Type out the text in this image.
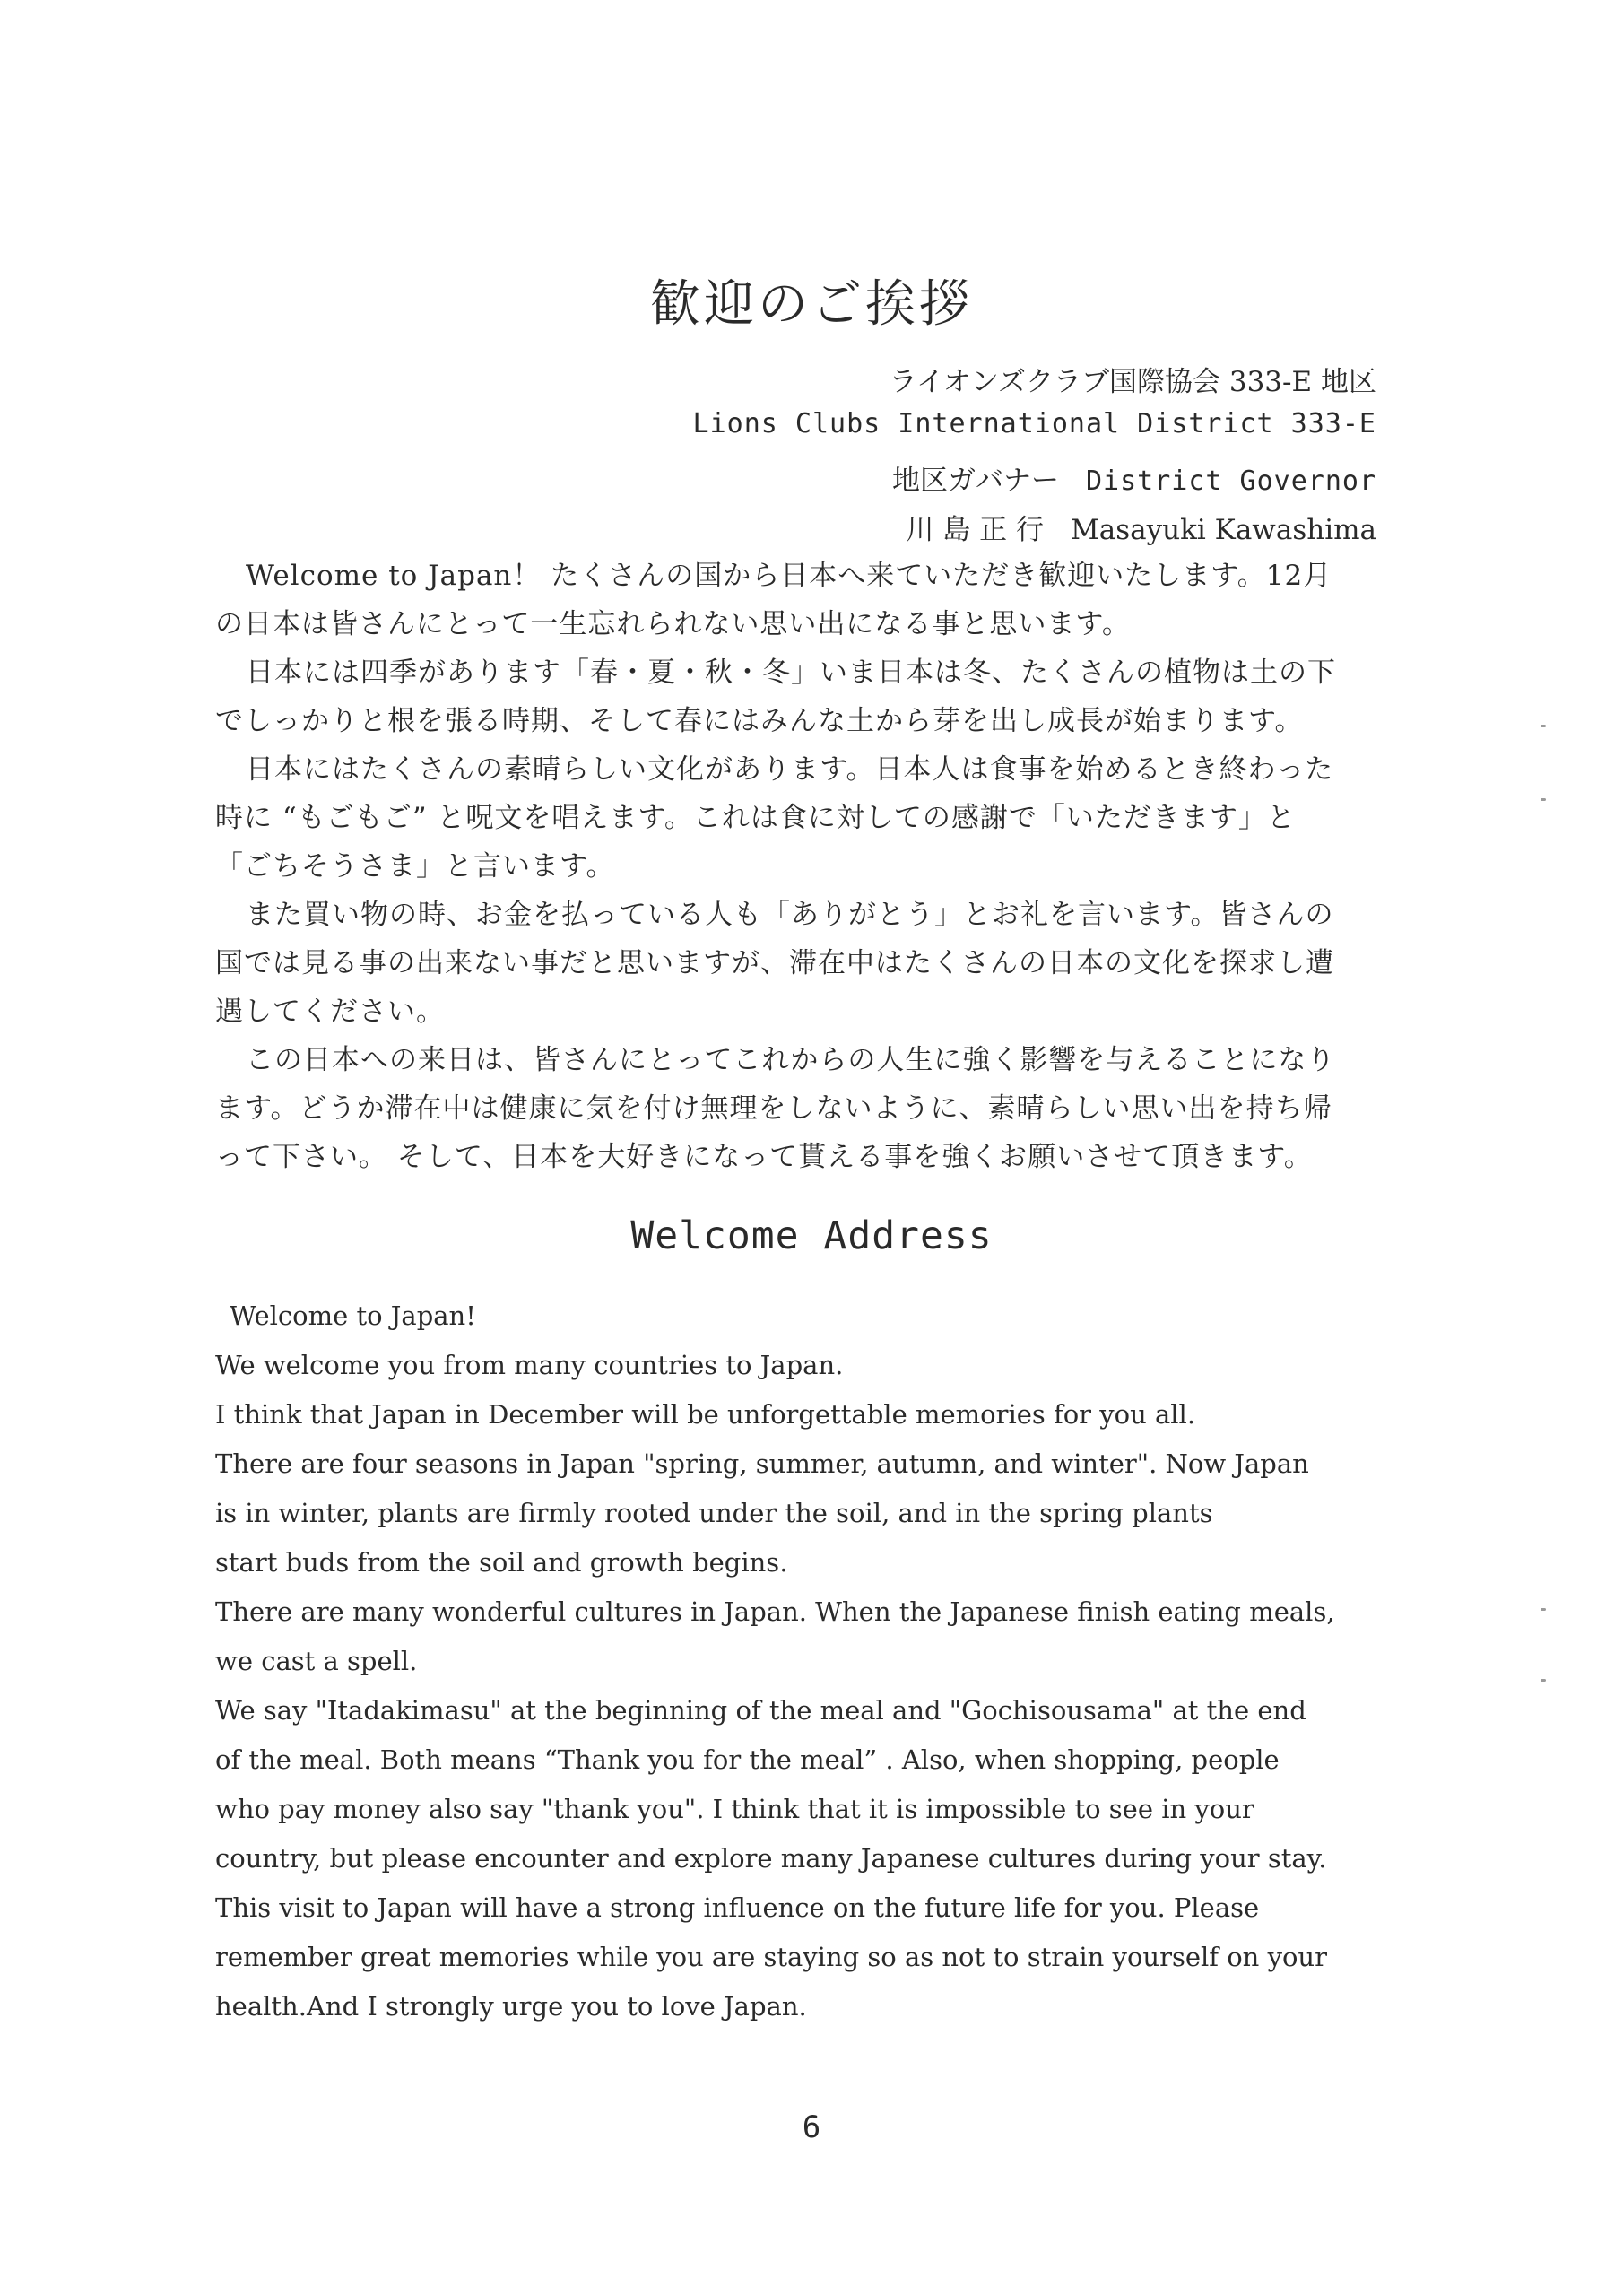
歓迎のご挨拶
ライオンズクラブ国際協会 333-E 地区
Lions Clubs International District 333-E
地区ガバナー District Governor
川 島 正 行 Masayuki Kawashima
Welcome to Japan！ たくさんの国から日本へ来ていただき歓迎いたします。12月
の日本は皆さんにとって一生忘れられない思い出になる事と思います。
日本には四季があります「春・夏・秋・冬」いま日本は冬、たくさんの植物は土の下
でしっかりと根を張る時期、そして春にはみんな土から芽を出し成長が始まります。
日本にはたくさんの素晴らしい文化があります。日本人は食事を始めるとき終わった
時に “もごもご” と呪文を唱えます。これは食に対しての感謝で「いただきます」と
「ごちそうさま」と言います。
また買い物の時、お金を払っている人も「ありがとう」とお礼を言います。皆さんの
国では見る事の出来ない事だと思いますが、滞在中はたくさんの日本の文化を探求し遭
遇してください。
この日本への来日は、皆さんにとってこれからの人生に強く影響を与えることになり
ます。どうか滞在中は健康に気を付け無理をしないように、素晴らしい思い出を持ち帰
って下さい。 そして、日本を大好きになって貰える事を強くお願いさせて頂きます。
Welcome Address
Welcome to Japan!
We welcome you from many countries to Japan.
I think that Japan in December will be unforgettable memories for you all.
There are four seasons in Japan "spring, summer, autumn, and winter". Now Japan
is in winter, plants are firmly rooted under the soil, and in the spring plants
start buds from the soil and growth begins.
There are many wonderful cultures in Japan. When the Japanese finish eating meals,
we cast a spell.
We say "Itadakimasu" at the beginning of the meal and "Gochisousama" at the end
of the meal. Both means “Thank you for the meal” . Also, when shopping, people
who pay money also say "thank you". I think that it is impossible to see in your
country, but please encounter and explore many Japanese cultures during your stay.
This visit to Japan will have a strong influence on the future life for you. Please
remember great memories while you are staying so as not to strain yourself on your
health.And I strongly urge you to love Japan.
6
